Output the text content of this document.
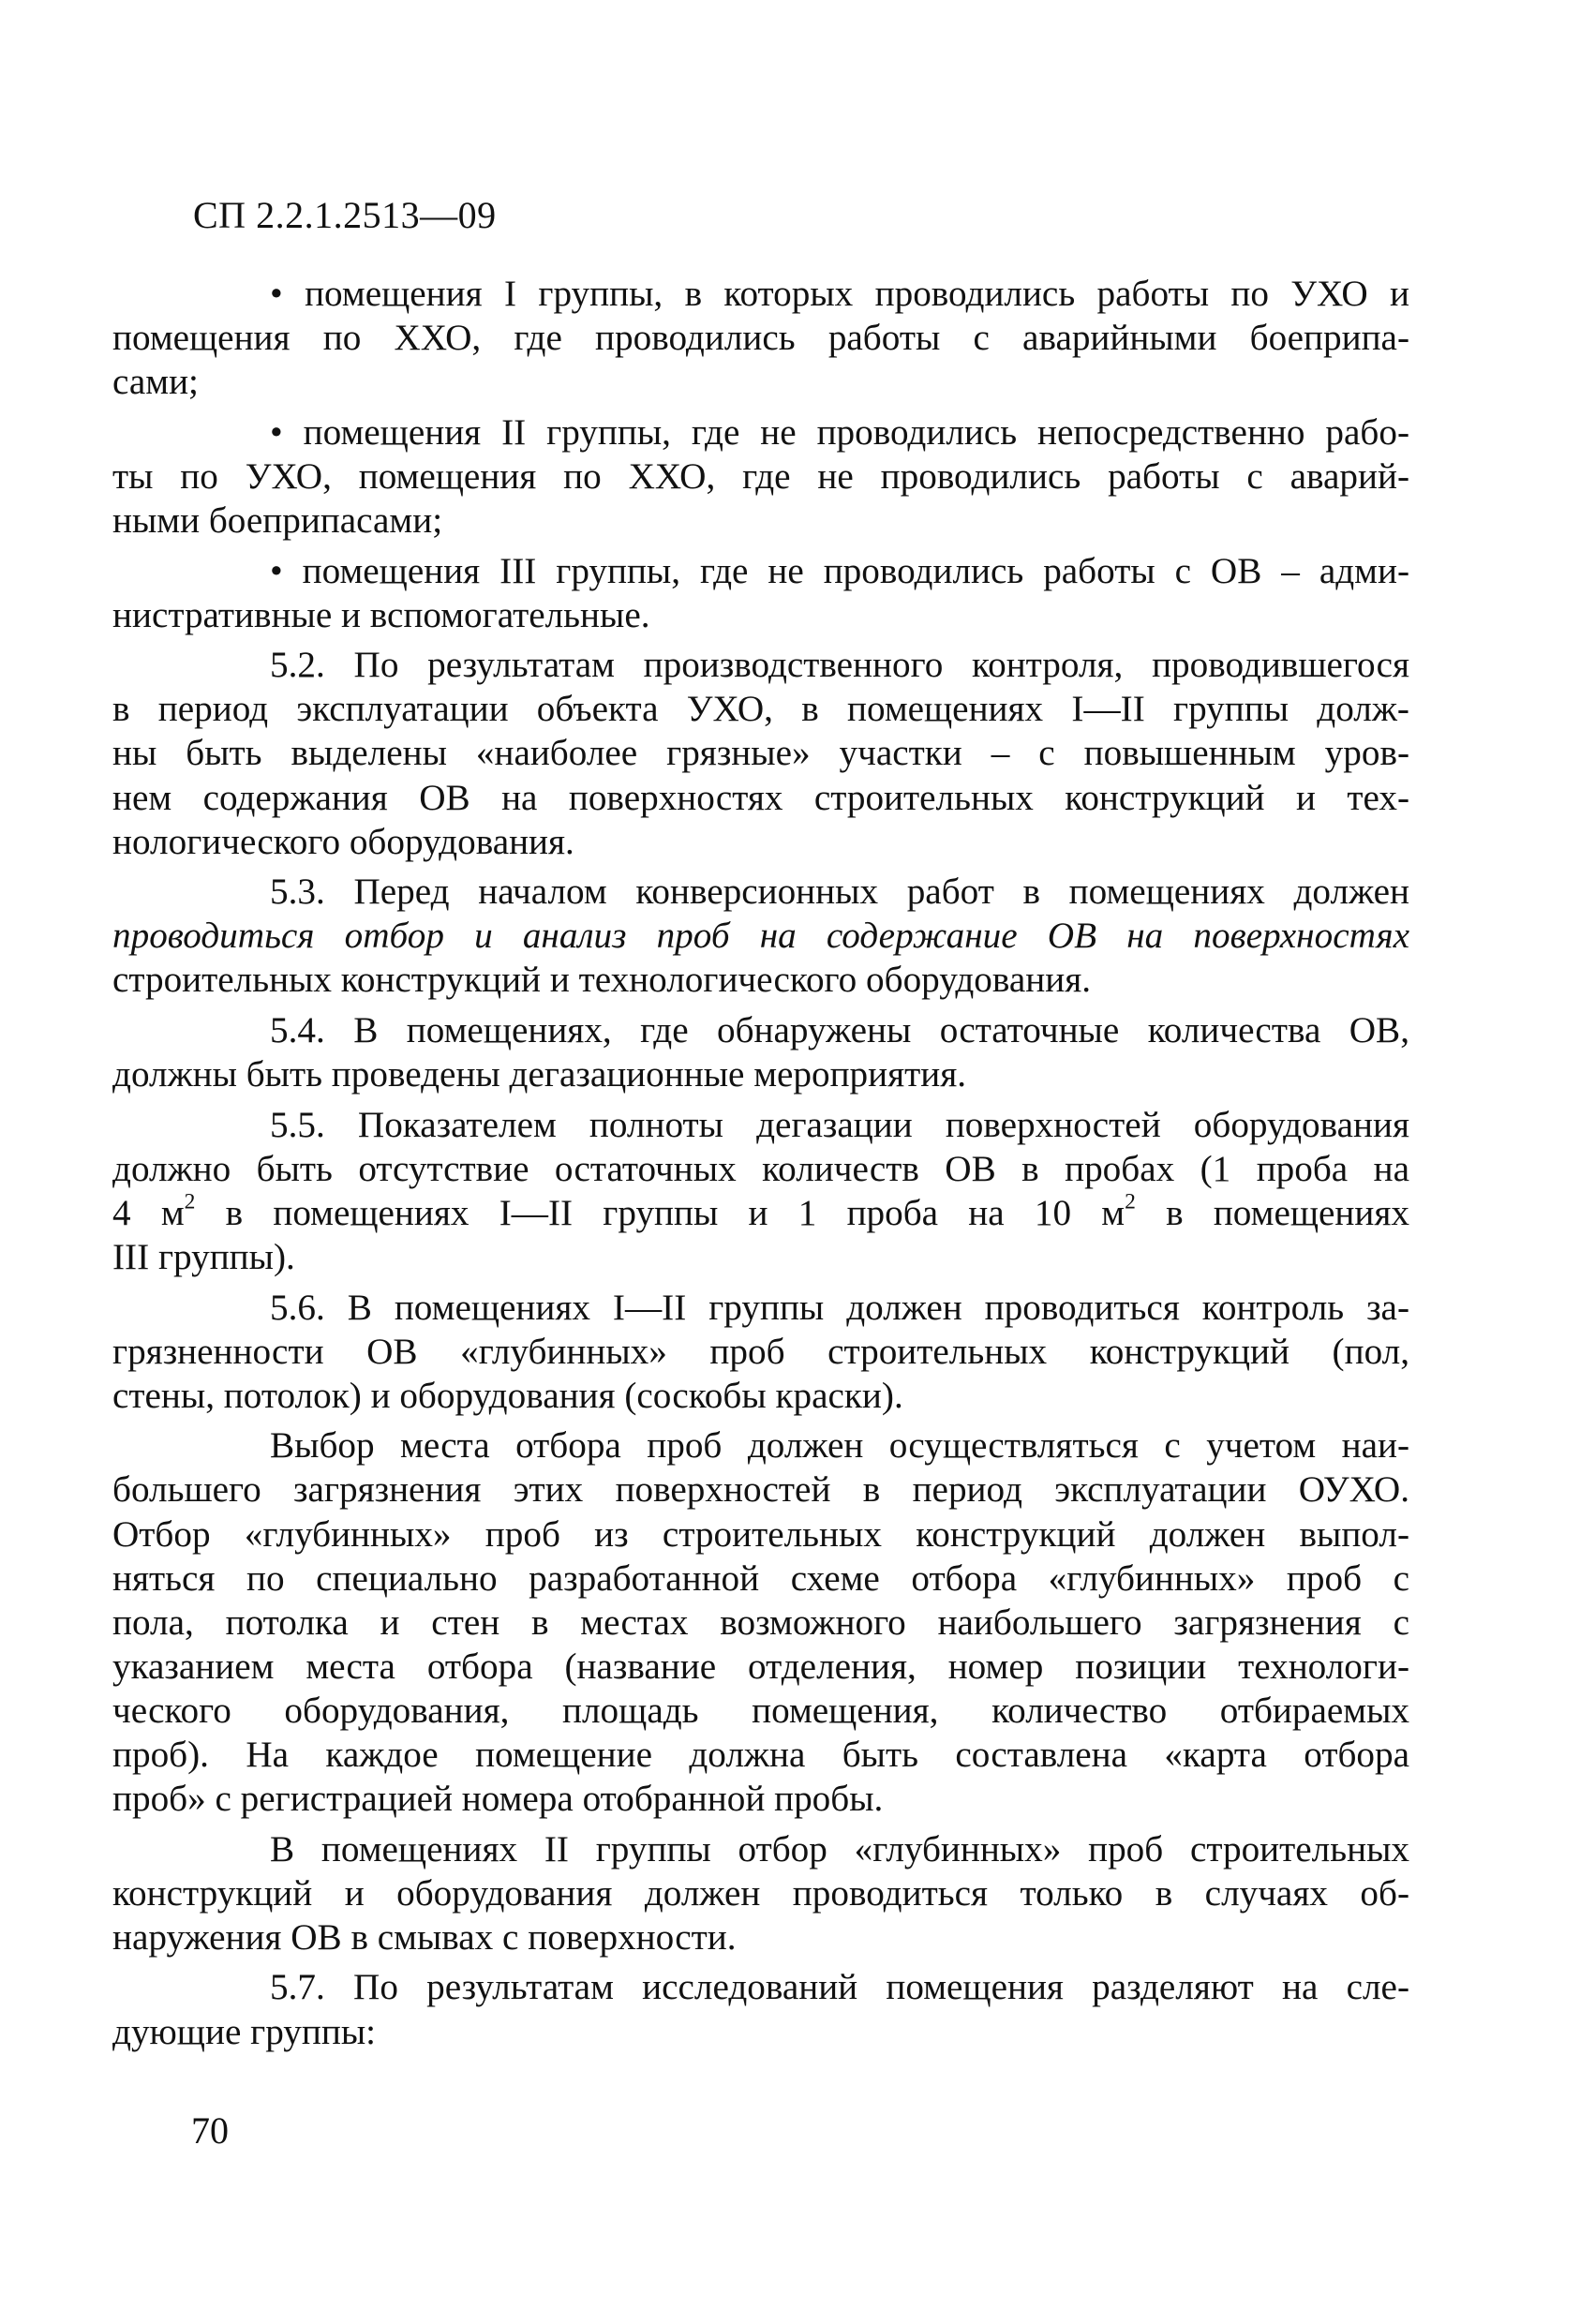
СП 2.2.1.2513—09
• помещения I группы, в которых проводились работы по УХО и
помещения по ХХО, где проводились работы с аварийными боеприпа-
сами;
• помещения II группы, где не проводились непосредственно рабо-
ты по УХО, помещения по ХХО, где не проводились работы с аварий-
ными боеприпасами;
• помещения III группы, где не проводились работы с ОВ – адми-
нистративные и вспомогательные.
5.2. По результатам производственного контроля, проводившегося
в период эксплуатации объекта УХО, в помещениях I—II группы долж-
ны быть выделены «наиболее грязные» участки – с повышенным уров-
нем содержания ОВ на поверхностях строительных конструкций и тех-
нологического оборудования.
5.3. Перед началом конверсионных работ в помещениях должен
проводиться отбор и анализ проб на содержание ОВ на поверхностях
строительных конструкций и технологического оборудования.
5.4. В помещениях, где обнаружены остаточные количества ОВ,
должны быть проведены дегазационные мероприятия.
5.5. Показателем полноты дегазации поверхностей оборудования
должно быть отсутствие остаточных количеств ОВ в пробах (1 проба на
4 $м^2$ в помещениях I—II группы и 1 проба на 10 $м^2$ в помещениях
III группы).
5.6. В помещениях I—II группы должен проводиться контроль за-
грязненности ОВ «глубинных» проб строительных конструкций (пол,
стены, потолок) и оборудования (соскобы краски).
Выбор места отбора проб должен осуществляться с учетом наи-
большего загрязнения этих поверхностей в период эксплуатации ОУХО.
Отбор «глубинных» проб из строительных конструкций должен выпол-
няться по специально разработанной схеме отбора «глубинных» проб с
пола, потолка и стен в местах возможного наибольшего загрязнения с
указанием места отбора (название отделения, номер позиции технологи-
ческого оборудования, площадь помещения, количество отбираемых
проб). На каждое помещение должна быть составлена «карта отбора
проб» с регистрацией номера отобранной пробы.
В помещениях II группы отбор «глубинных» проб строительных
конструкций и оборудования должен проводиться только в случаях об-
наружения ОВ в смывах с поверхности.
5.7. По результатам исследований помещения разделяют на сле-
дующие группы:
70
